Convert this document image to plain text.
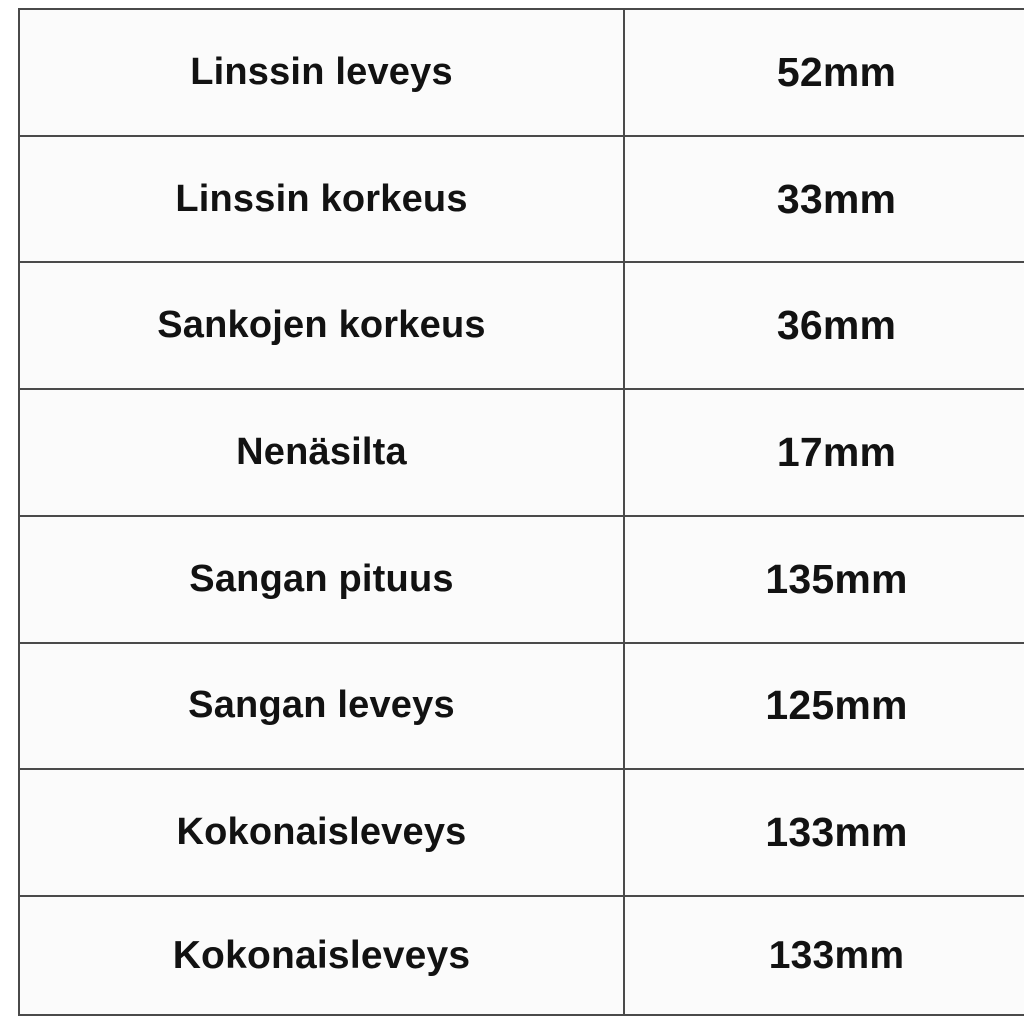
Linssin leveys	52mm
Linssin korkeus	33mm
Sankojen korkeus	36mm
Nenäsilta	17mm
Sangan pituus	135mm
Sangan leveys	125mm
Kokonaisleveys	133mm
Kokonaisleveys	133mm
